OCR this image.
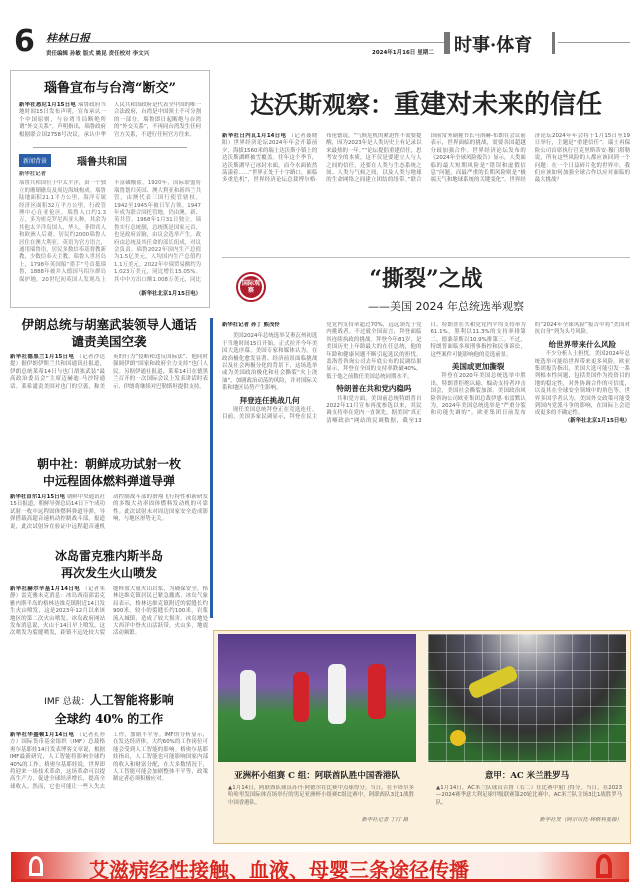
6 桂林日报
责任编辑 孙敏 版式 姚昆 责任校对 李文兴	2024年1月16日 星期二 时事·体育
瑙鲁宣布与台湾“断交”
新华社悉尼1月15日电 瑙鲁政府当地时间15日发布声明，宣布承认一个中国原则，与台湾当局断绝所谓“外交关系”。声明指出，瑙鲁政府根据联合国2758号决议，承认中华人民共和国政府是代表全中国的唯一合法政府，台湾是中国领土不可分割的一部分。瑙鲁即日起断绝与台湾的“外交关系”，不再同台湾发生任何官方关系，不进行任何官方往来。
新闻背景	瑙鲁共和国
新华社记者
瑙鲁共和国位于中太平洋，由一个独立的珊瑚礁岛及周边海域构成。瑙鲁陆地面积21.1平方公里，海洋专属经济区面积32万平方公里，行政管理中心在亚伦区。瑙鲁人口约1.3万，多为密克罗尼西亚人种，其余为其他太平洋岛国人、华人、菲律宾人和欧洲人后裔。居民约2000瑙鲁人居住在澳大利亚。英语为官方语言，通用瑙鲁语。居民多数信奉基督教新教，少数信奉天主教。瑙鲁人世居岛上，1798年英国船“猎手”号首抵瑙鲁，1888年被并入德国马绍尔群岛保护地。20世纪初英国人发现岛上丰富磷酸盐。1920年，国际联盟将瑙鲁划归英国、澳大利亚和新西兰共管，由澳代表三国行使管辖权。1942至1945年被日军占领。1947年成为联合国托管地，仍由澳、新、英共管。1968年1月31日独立。瑙鲁实行总统制，总统既是国家元首，也是政府首脑，由议会选举产生。政府由总统及其任命的部长组成，对议会负责。瑙鲁2022年国内生产总值为1.5亿美元，人均国内生产总值约1.1万美元。2022年中瑙贸易额约为1.023万美元，同比增长15.05%。其中中方出口额1.008万美元，同比
（新华社北京1月15日电）
伊朗总统与胡塞武装领导人通话
谴责美国空袭
新华社德黑兰1月15日电 （记者沙达提）据伊朗伊斯兰共和国通讯社报道，伊朗总统莱希14日与也门胡塞武装“最高政治委员会”主席迈赫迪·马沙特通话。莱希谴责美国对也门的空袭，称美英的行为“侵略和违反国际法”，他同时强调伊朗“国家和政府全力支持”也门人民。另据伊通社报道，莱希14日在德黑兰召开的一次国际会议上发表讲话时表示，伊朗将继续对巴勒斯坦提供支持。
朝中社：朝鲜成功试射一枚
中远程固体燃料弹道导弹
新华社首尔1月15日电 朝鲜中央通讯社15日报道，朝鲜导弹总局14日下午成功试射一枚中远程固体燃料弹道导弹，导弹搭载高超音速机动控制战斗部。报道说，此次试射旨在验证中远程超音速机动控制战斗部的滑翔飞行特性和新研发的多级大功率固体燃料发动机的可靠性。此次试射未对周边国家安全造成影响，与地区形势无关。
冰岛雷克雅内斯半岛
再次发生火山喷发
新华社赫尔辛基1月14日电 （记者朱静）雷克雅未克消息：冰岛西南部雷克雅内斯半岛的格林达维克镇附近14日发生火山喷发，这是2023年12月以来该地区的第二次火山喷发。冰岛政府网站发布消息说，火山于14日早上喷发，这次喷发为裂缝喷发，距镇不远处较大裂缝释放大量火山岩浆，为确保安全，格林达维克镇居民已紧急撤离。冰岛气象局表示，格林达维克镇附近的裂缝长约900米，较小的裂缝长约100米，岩浆流入城镇，造成了较大损害。冰岛地处大西洋中脊火山活跃带，火山多，地震活动频繁。
IMF 总裁：人工智能将影响
全球约 40% 的工作
新华社华盛顿1月14日电 （记者孔亦方）国际货币基金组织（IMF）总裁格奥尔基耶娃14日发表博客文章说，根据IMF最新研究，人工智能将影响全球约40%的工作。格奥尔基耶娃说，世界即将迎来一场技术革命，这场革命可以提高生产力，促进全球经济增长，提高全球收入。然而，它也可能让一些人失去工作，加剧不平等。IMF的分析显示，在发达经济体，大约60%的工作岗位可能会受到人工智能的影响。格奥尔基耶娃指出，人工智能也可能影响国家内部的收入和财富分配，在大多数情况下，人工智能可能会加剧整体不平等，政策制定者必须积极应对。
达沃斯观察： 重建对未来的信任
新华社日内瓦1月14日电 （记者聂晓阳）世界经济论坛2024年年会开幕前夕，海拔1560米的瑞士达沃斯小镇上的达沃斯湖畔被雪覆盖。往年这个季节，达沃斯湖早已冰封水面，而今水面依然荡漾着……“世界正处于十字路口，面临多重危机”，世界经济论坛总裁博尔格·布伦德说。“气候危机的紧迫性不需要提醒，因为2023年是人类历史上有记录以来最热的一年。”“论坛提倡重建信任，思考安全的本质，这不仅是要建立人与人之间的信任，还要在人类与生态系统之间、人类与气候之间，以及人类与地球的生命网络之间建立团结的纽带。”联合国前常务副秘书长马洛赫-布朗在会议前表示，世界面临的挑战，需要各国超越分歧加强合作。世界经济论坛发布的《2024年全球风险报告》显示，人类面临的最大短期风险是“错误和虚假信息”问题，而最严重的长期风险则是“极端天气和地球系统的关键变化”。世界经济论坛2024年年会将于1月15日至19日举行，主题是“重建信任”。瑞士再保险公司首席执行官克里斯蒂安·穆门塔勒说，所有这些风险的人都应该回到一个问题：在一个日益碎片化的世界中，我们应该如何加强全球合作以应对面临的最大挑战？
国际观察	“撕裂”之战
——美国 2024 年总统选举观察
新华社记者 孙丁 熊茂伶

美国2024年总统选举艾奥瓦州初选于当地时间15日开始，正式拉开今年美国大选序幕。美国专家和媒体认为，在政治极化愈发显著、经济前景面临挑战以及社会两极分化的背景下，这场选举或为美国政治极化和社会撕裂“火上浇油”，加剧政治动荡的风险，并对国际关系和地区局势产生影响。

拜登连任挑战几何

现任美国总统拜登正在竞选连任。目前，美国多家民调显示，拜登在民主党党内支持率超过70%，远远领先于党内挑战者。不过就全国而言，拜登面临其连续执政的挑战。拜登今年81岁，是美国历史上年龄最大的在任总统，他的年龄和健康问题不断引起选民的担忧。盖洛普咨询公司去年底公布的民调结果显示，拜登在全国的支持率跌破40%，低于他之前数任美国总统同期水平。

特朗普在共和党内稳吗

共和党方面，美国前总统特朗普自2022年11月宣布再度参选以来，其民调支持率在党内一直领先。据美国“真正清晰政治”网站的民调数据，截至13日，特朗普在共和党党内平均支持率为61.1%，黑利以11.3%的支持率排第二，德桑蒂斯以10.9%排第三。不过，特朗普面临多项刑事指控和民事诉讼，这些案件可能影响他的竞选前景。

美国或更加撕裂

拜登在2020年美国总统选举中胜出，特朗普拒绝认输，煽动支持者冲击国会，美国社会撕裂加深。美国政治风险咨询公司欧亚集团总裁伊恩·布雷默认为，2024年美国总统选举是“严重分裂和功能失调的”。欧亚集团日前发布的“2024年全球风险”报告中将“美国对抗自身”列为头号风险。

给世界带来什么风险

不少分析人士担忧，美国2024年总统选举可能给世界带来更多风险。欧亚集团报告指出，美国大选可能引发一系列根本性问题，包括美国作为投资目的地的稳定性，对外协调合作的可信度，以及其在全球安全领域中的角色等。世界多国学者认为，美国外交政策可能受到国内党派斗争的影响，在国际上会造成更多的不确定性。

（新华社北京1月15日电）
亚洲杯小组赛 C 组：阿联酋队胜中国香港队
▲1月14日，阿联酋队球员苏丹·阿德尔在比赛中点球得分。当日，在卡塔尔多哈哈里发国际体育场举行的男足亚洲杯小组赛C组比赛中，阿联酋队3比1战胜中国香港队。
新华社记者 丁汀 摄
意甲：AC 米兰胜罗马
▲1月14日，AC米兰队球员吉鲁（右二）在比赛中射门得分。当日，在2023—2024赛季意大利足球甲级联赛第20轮比赛中，AC米兰队主场3比1战胜罗马队。
新华社发（阿尔贝托·林格利亚摄）
艾滋病经性接触、血液、母婴三条途径传播
